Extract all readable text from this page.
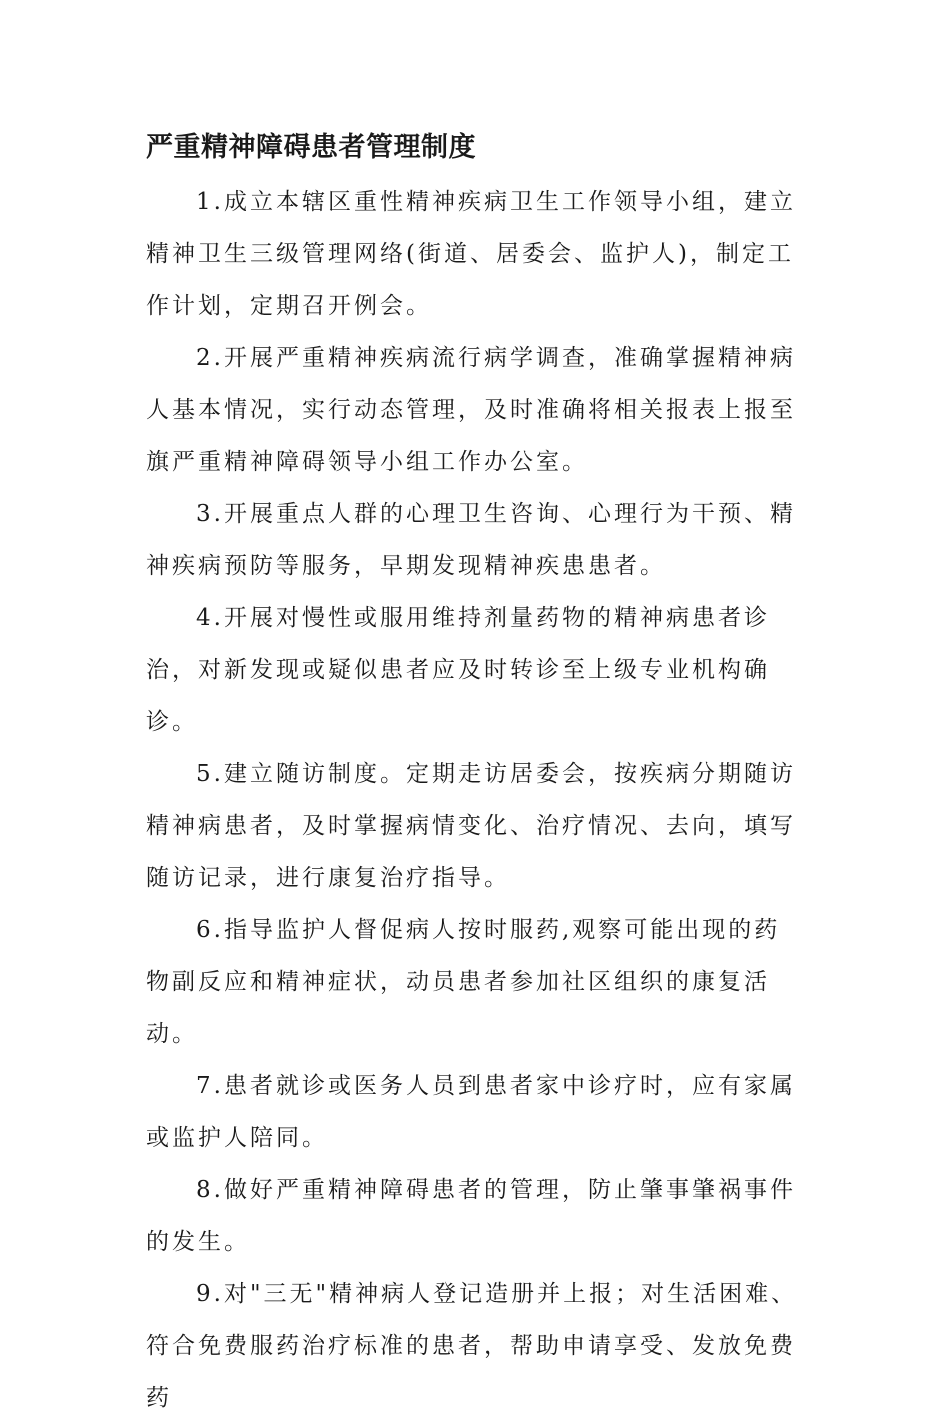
严重精神障碍患者管理制度

1.成立本辖区重性精神疾病卫生工作领导小组，建立精神卫生三级管理网络(街道、居委会、监护人)，制定工作计划，定期召开例会。

2.开展严重精神疾病流行病学调查，准确掌握精神病人基本情况，实行动态管理，及时准确将相关报表上报至旗严重精神障碍领导小组工作办公室。

3.开展重点人群的心理卫生咨询、心理行为干预、精神疾病预防等服务，早期发现精神疾患患者。

4.开展对慢性或服用维持剂量药物的精神病患者诊治，对新发现或疑似患者应及时转诊至上级专业机构确诊。

5.建立随访制度。定期走访居委会，按疾病分期随访精神病患者，及时掌握病情变化、治疗情况、去向，填写随访记录，进行康复治疗指导。

6.指导监护人督促病人按时服药,观察可能出现的药物副反应和精神症状，动员患者参加社区组织的康复活动。

7.患者就诊或医务人员到患者家中诊疗时，应有家属或监护人陪同。

8.做好严重精神障碍患者的管理，防止肇事肇祸事件的发生。

9.对"三无"精神病人登记造册并上报；对生活困难、符合免费服药治疗标准的患者，帮助申请享受、发放免费药
